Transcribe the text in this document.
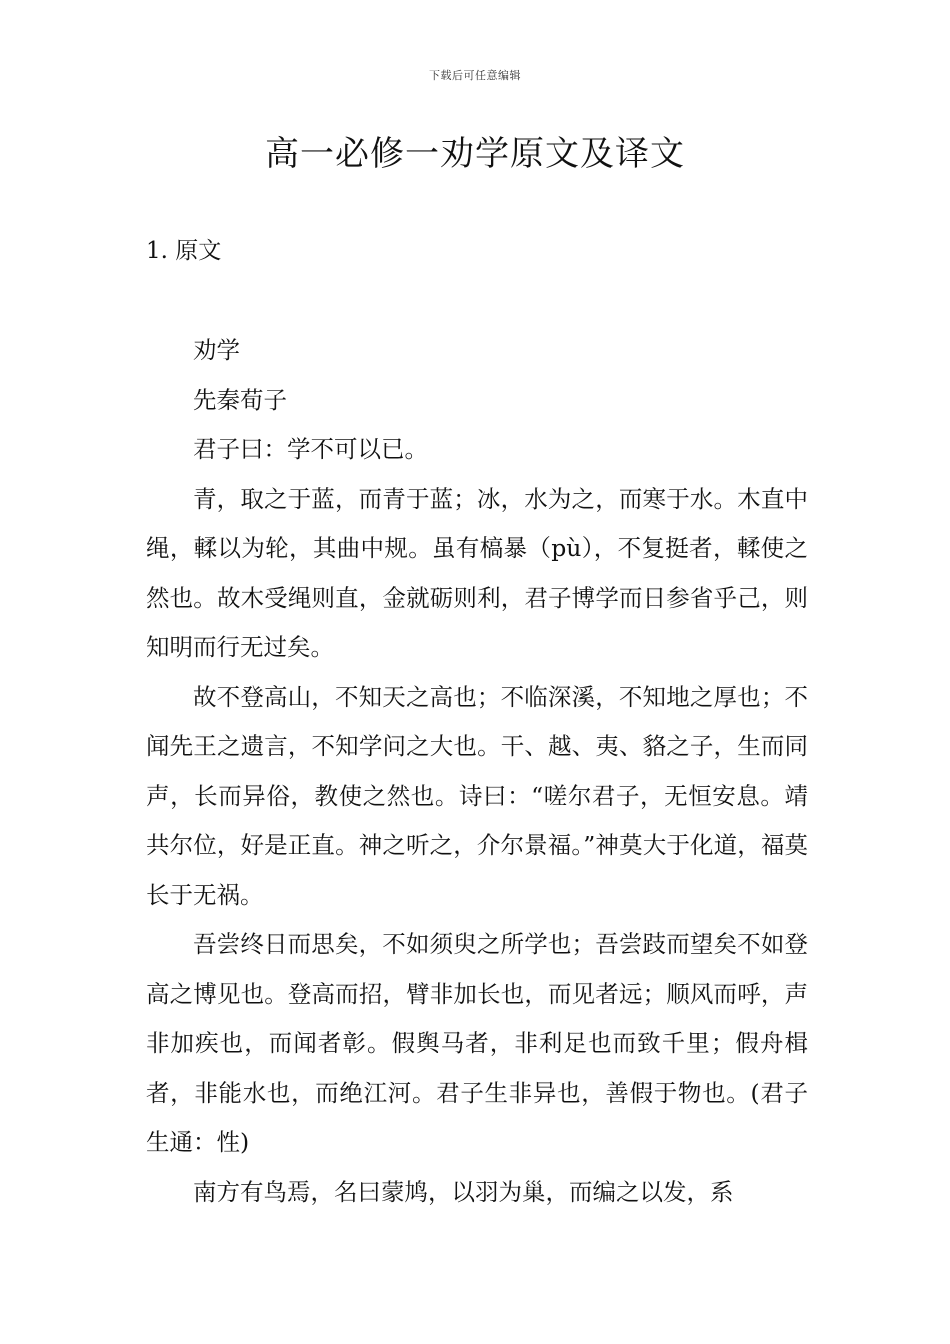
下载后可任意编辑
高一必修一劝学原文及译文
1. 原文

劝学

先秦荀子

君子曰：学不可以已。

青，取之于蓝，而青于蓝；冰，水为之，而寒于水。木直中绳，輮以为轮，其曲中规。虽有槁暴（pù），不复挺者，輮使之然也。故木受绳则直，金就砺则利，君子博学而日参省乎己，则知明而行无过矣。

故不登高山，不知天之高也；不临深溪，不知地之厚也；不闻先王之遗言，不知学问之大也。干、越、夷、貉之子，生而同声，长而异俗，教使之然也。诗曰：“嗟尔君子，无恒安息。靖共尔位，好是正直。神之听之，介尔景福。”神莫大于化道，福莫长于无祸。

吾尝终日而思矣，不如须臾之所学也；吾尝跂而望矣不如登高之博见也。登高而招，臂非加长也，而见者远；顺风而呼，声非加疾也，而闻者彰。假舆马者，非利足也而致千里；假舟楫者，非能水也，而绝江河。君子生非异也，善假于物也。(君子生通：性)

南方有鸟焉，名曰蒙鸠，以羽为巢，而编之以发，系
